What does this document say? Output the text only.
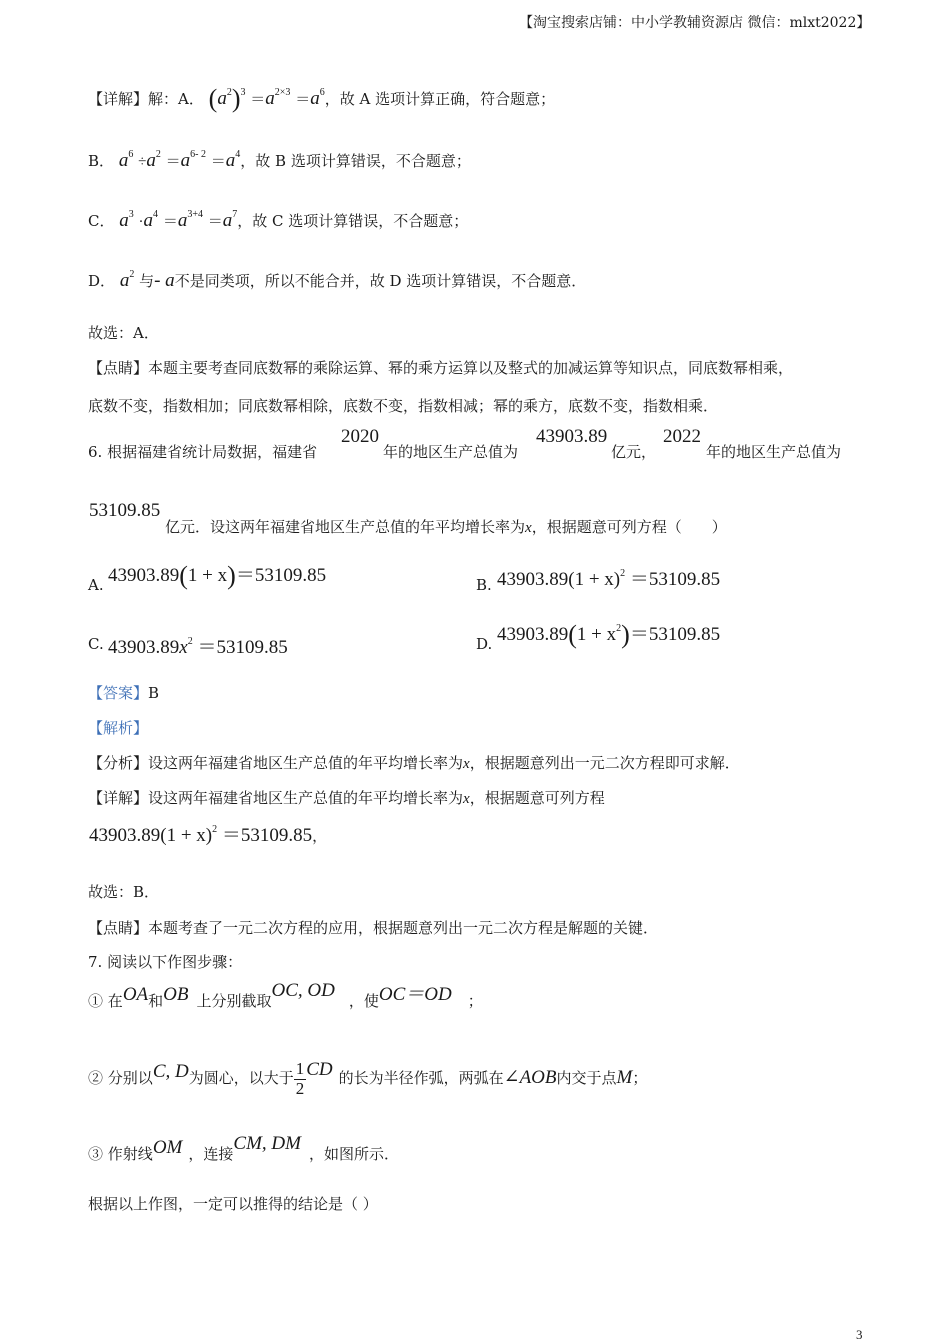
【淘宝搜索店铺：中小学教辅资源店 微信：mlxt2022】
【详解】解：A． $(a^2)^3 =a^{2\times 3} =a^6$，故 A 选项计算正确，符合题意；
B． $a^6 \div a^2 =a^{6- 2} =a^4$，故 B 选项计算错误，不合题意；
C． $a^3 \cdot a^4 =a^{3+4} =a^7$，故 C 选项计算错误，不合题意；
D． $a^2$ 与- a不是同类项，所以不能合并，故 D 选项计算错误，不合题意．
故选：A．
【点睛】本题主要考查同底数幂的乘除运算、幂的乘方运算以及整式的加减运算等知识点，同底数幂相乘，
底数不变，指数相加；同底数幂相除，底数不变，指数相减；幂的乘方，底数不变，指数相乘．
6. 根据福建省统计局数据，福建省
2020
年的地区生产总值为
43903.89
亿元，
2022
年的地区生产总值为
53109.85
亿元．设这两年福建省地区生产总值的年平均增长率为x，根据题意可列方程（　　）
A. 43903.89(1 + x)＝53109.85	B. $43903.89(1 + x)^2 =53109.85$
C. $43903.89x^2 =53109.85$	D. $43903.89(1 + x^2)=53109.85$
【答案】B
【解析】
【分析】设这两年福建省地区生产总值的年平均增长率为x，根据题意列出一元二次方程即可求解．
【详解】设这两年福建省地区生产总值的年平均增长率为x，根据题意可列方程
$43903.89(1 + x)^2 =53109.85$，
故选：B．
【点睛】本题考查了一元二次方程的应用，根据题意列出一元二次方程是解题的关键．
7. 阅读以下作图步骤：
① 在OA和OB 上分别截取OC, OD ，使OC＝OD ；
② 分别以C, D为圆心，以大于 $\frac{1}{2}$ CD 的长为半径作弧，两弧在∠AOB内交于点M；
③ 作射线OM ，连接CM, DM ，如图所示．
根据以上作图，一定可以推得的结论是（ ）
3
